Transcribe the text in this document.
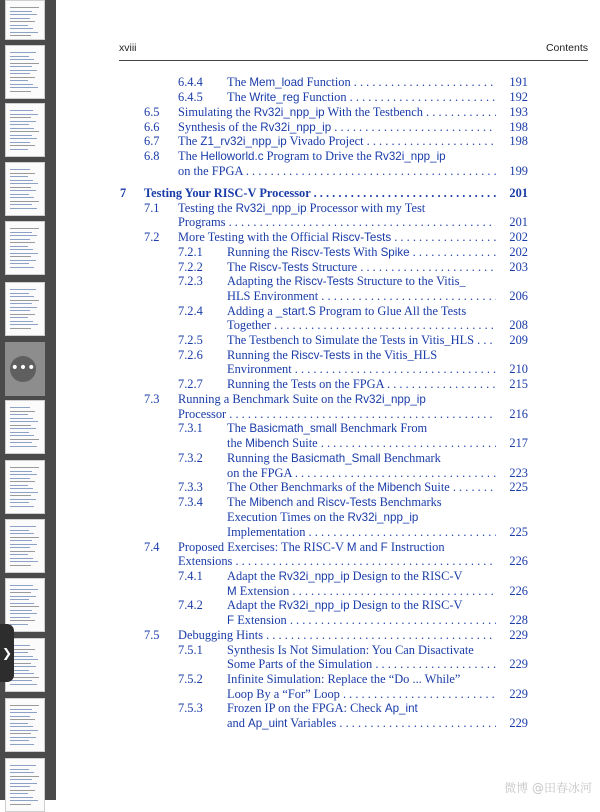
•••
❯
xviii	Contents
6.4.4 The Mem_load Function . . .	191
6.4.5 The Write_reg Function . . .	192
6.5 Simulating the Rv32i_npp_ip With the Testbench . . .	193
6.6 Synthesis of the Rv32i_npp_ip . . .	198
6.7 The Z1_rv32i_npp_ip Vivado Project . . .	198
6.8 The Helloworld.c Program to Drive the Rv32i_npp_ip
on the FPGA . . .	199
7 Testing Your RISC-V Processor . . .	201
7.1 Testing the Rv32i_npp_ip Processor with my Test
Programs . . .	201
7.2 More Testing with the Official Riscv-Tests . . .	202
7.2.1 Running the Riscv-Tests With Spike . . .	202
7.2.2 The Riscv-Tests Structure . . .	203
7.2.3 Adapting the Riscv-Tests Structure to the Vitis_
HLS Environment . . .	206
7.2.4 Adding a _start.S Program to Glue All the Tests
Together . . .	208
7.2.5 The Testbench to Simulate the Tests in Vitis_HLS . . .	209
7.2.6 Running the Riscv-Tests in the Vitis_HLS
Environment . . .	210
7.2.7 Running the Tests on the FPGA . . .	215
7.3 Running a Benchmark Suite on the Rv32i_npp_ip
Processor . . .	216
7.3.1 The Basicmath_small Benchmark From
the Mibench Suite . . .	217
7.3.2 Running the Basicmath_Small Benchmark
on the FPGA . . .	223
7.3.3 The Other Benchmarks of the Mibench Suite . . .	225
7.3.4 The Mibench and Riscv-Tests Benchmarks
Execution Times on the Rv32i_npp_ip
Implementation . . .	225
7.4 Proposed Exercises: The RISC-V M and F Instruction
Extensions . . .	226
7.4.1 Adapt the Rv32i_npp_ip Design to the RISC-V
M Extension . . .	226
7.4.2 Adapt the Rv32i_npp_ip Design to the RISC-V
F Extension . . .	228
7.5 Debugging Hints . . .	229
7.5.1 Synthesis Is Not Simulation: You Can Disactivate
Some Parts of the Simulation . . .	229
7.5.2 Infinite Simulation: Replace the “Do ... While”
Loop By a “For” Loop . . .	229
7.5.3 Frozen IP on the FPGA: Check Ap_int
and Ap_uint Variables . . .	229
微博 @田春冰河
